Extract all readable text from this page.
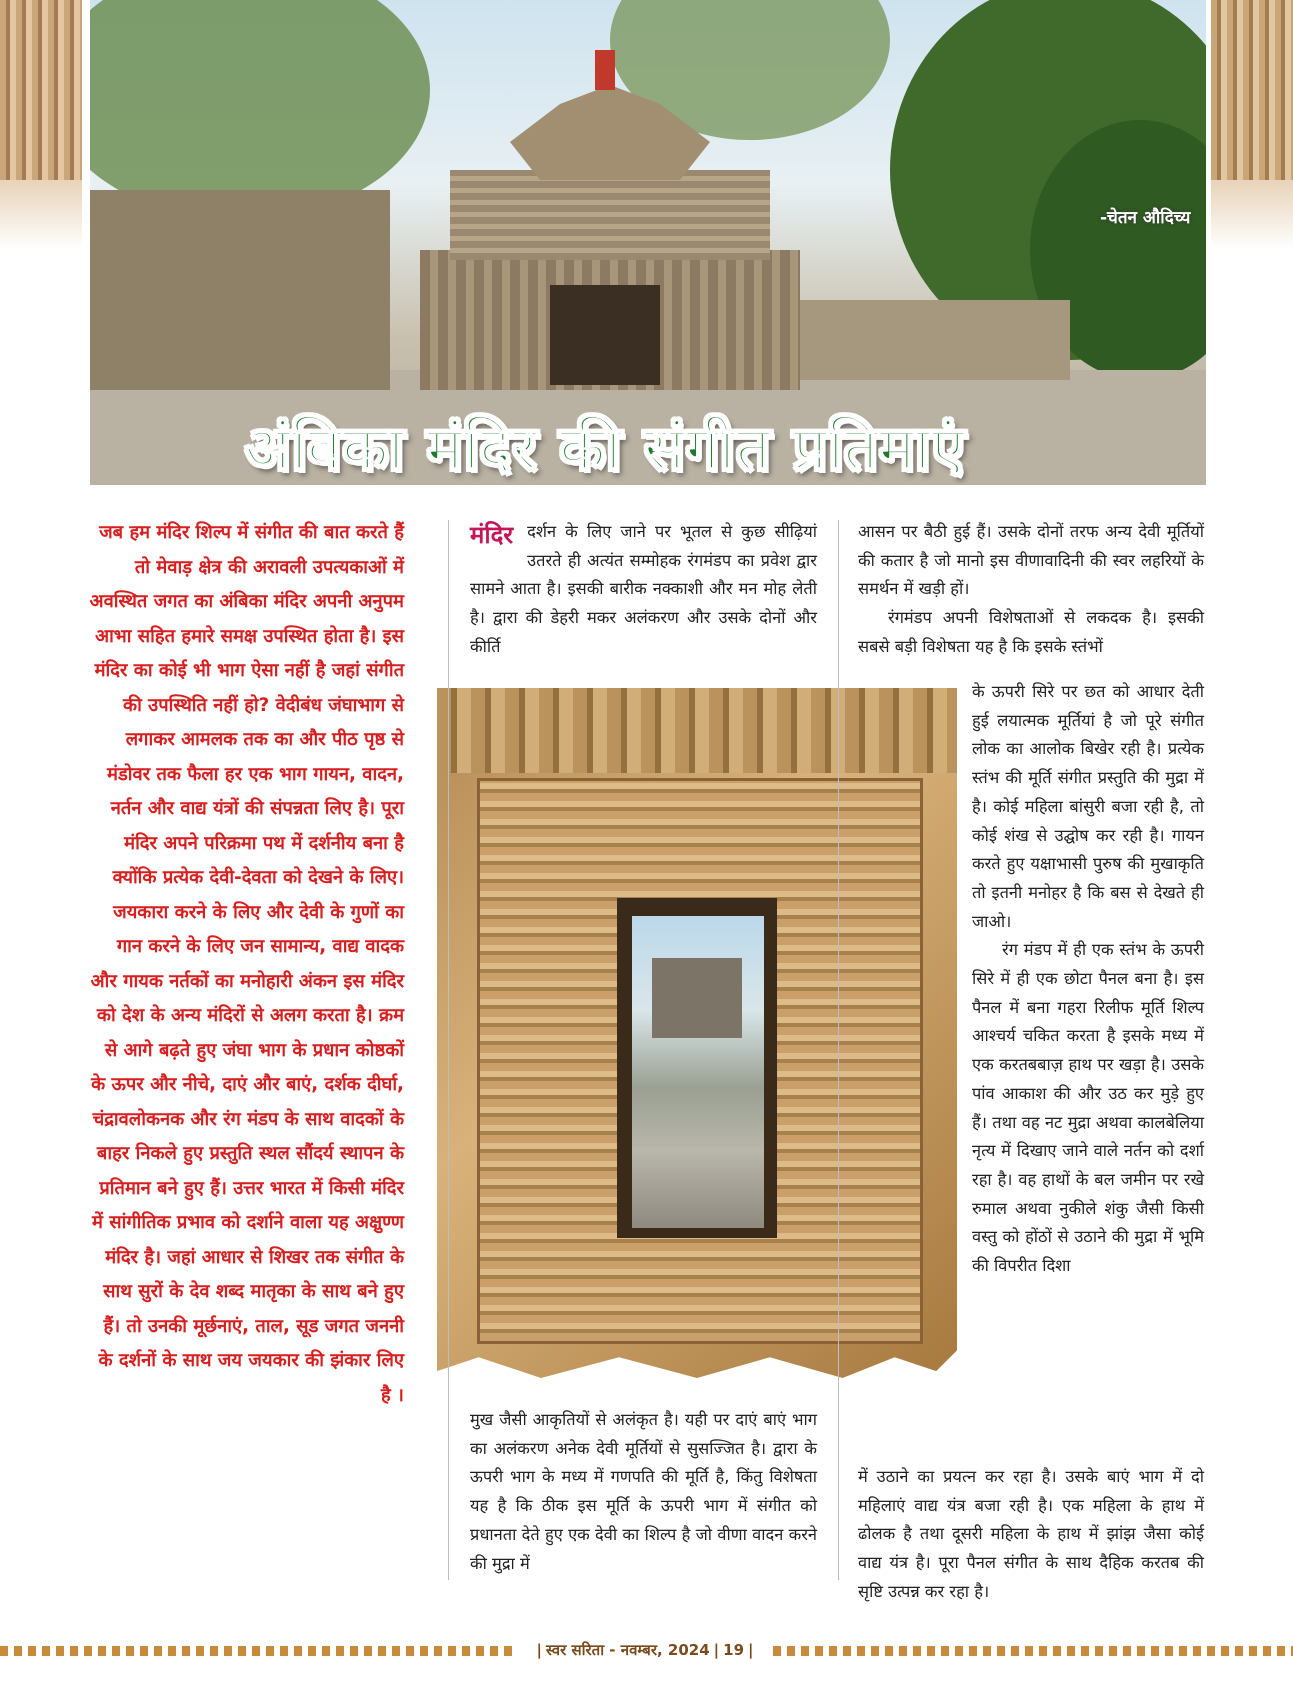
-चेतन औदिच्य
अंबिका मंदिर की संगीत प्रतिमाएं

जब हम मंदिर शिल्प में संगीत की बात करते हैं तो मेवाड़ क्षेत्र की अरावली उपत्यकाओं में अवस्थित जगत का अंबिका मंदिर अपनी अनुपम आभा सहित हमारे समक्ष उपस्थित होता है। इस मंदिर का कोई भी भाग ऐसा नहीं है जहां संगीत की उपस्थिति नहीं हो? वेदीबंध जंघाभाग से लगाकर आमलक तक का और पीठ पृष्ठ से मंडोवर तक फैला हर एक भाग गायन, वादन, नर्तन और वाद्य यंत्रों की संपन्नता लिए है। पूरा मंदिर अपने परिक्रमा पथ में दर्शनीय बना है क्योंकि प्रत्येक देवी-देवता को देखने के लिए। जयकारा करने के लिए और देवी के गुणों का गान करने के लिए जन सामान्य, वाद्य वादक और गायक नर्तकों का मनोहारी अंकन इस मंदिर को देश के अन्य मंदिरों से अलग करता है। क्रम से आगे बढ़ते हुए जंघा भाग के प्रधान कोष्ठकों के ऊपर और नीचे, दाएं और बाएं, दर्शक दीर्घा, चंद्रावलोकनक और रंग मंडप के साथ वादकों के बाहर निकले हुए प्रस्तुति स्थल सौंदर्य स्थापन के प्रतिमान बने हुए हैं। उत्तर भारत में किसी मंदिर में सांगीतिक प्रभाव को दर्शाने वाला यह अक्षुण्ण मंदिर है। जहां आधार से शिखर तक संगीत के साथ सुरों के देव शब्द मातृका के साथ बने हुए हैं। तो उनकी मूर्छनाएं, ताल, सूड जगत जननी के दर्शनों के साथ जय जयकार की झंकार लिए है ।

मंदिर दर्शन के लिए जाने पर भूतल से कुछ सीढ़ियां उतरते ही अत्यंत सम्मोहक रंगमंडप का प्रवेश द्वार सामने आता है। इसकी बारीक नक्काशी और मन मोह लेती है। द्वारा की डेहरी मकर अलंकरण और उसके दोनों और कीर्ति

मुख जैसी आकृतियों से अलंकृत है। यही पर दाएं बाएं भाग का अलंकरण अनेक देवी मूर्तियों से सुसज्जित है। द्वारा के ऊपरी भाग के मध्य में गणपति की मूर्ति है, किंतु विशेषता यह है कि ठीक इस मूर्ति के ऊपरी भाग में संगीत को प्रधानता देते हुए एक देवी का शिल्प है जो वीणा वादन करने की मुद्रा में

आसन पर बैठी हुई हैं। उसके दोनों तरफ अन्य देवी मूर्तियों की कतार है जो मानो इस वीणावादिनी की स्वर लहरियों के समर्थन में खड़ी हों।

रंगमंडप अपनी विशेषताओं से लकदक है। इसकी सबसे बड़ी विशेषता यह है कि इसके स्तंभों

के ऊपरी सिरे पर छत को आधार देती हुई लयात्मक मूर्तियां है जो पूरे संगीत लोक का आलोक बिखेर रही है। प्रत्येक स्तंभ की मूर्ति संगीत प्रस्तुति की मुद्रा में है। कोई महिला बांसुरी बजा रही है, तो कोई शंख से उद्घोष कर रही है। गायन करते हुए यक्षाभासी पुरुष की मुखाकृति तो इतनी मनोहर है कि बस से देखते ही जाओ।

रंग मंडप में ही एक स्तंभ के ऊपरी सिरे में ही एक छोटा पैनल बना है। इस पैनल में बना गहरा रिलीफ मूर्ति शिल्प आश्चर्य चकित करता है इसके मध्य में एक करतबबाज़ हाथ पर खड़ा है। उसके पांव आकाश की और उठ कर मुड़े हुए हैं। तथा वह नट मुद्रा अथवा कालबेलिया नृत्य में दिखाए जाने वाले नर्तन को दर्शा रहा है। वह हाथों के बल जमीन पर रखे रुमाल अथवा नुकीले शंकु जैसी किसी वस्तु को होंठों से उठाने की मुद्रा में भूमि की विपरीत दिशा

में उठाने का प्रयत्न कर रहा है। उसके बाएं भाग में दो महिलाएं वाद्य यंत्र बजा रही है। एक महिला के हाथ में ढोलक है तथा दूसरी महिला के हाथ में झांझ जैसा कोई वाद्य यंत्र है। पूरा पैनल संगीत के साथ दैहिक करतब की सृष्टि उत्पन्न कर रहा है।

| स्वर सरिता - नवम्बर, 2024 | 19 |
